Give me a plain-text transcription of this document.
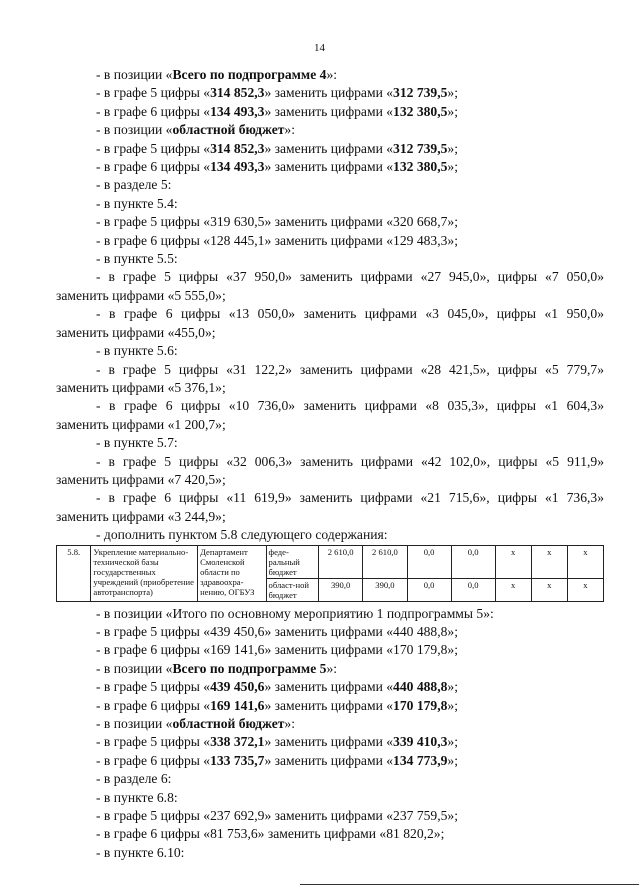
14
- в позиции «Всего по подпрограмме 4»:
- в графе 5 цифры «314 852,3» заменить цифрами «312 739,5»;
- в графе 6 цифры «134 493,3» заменить цифрами «132 380,5»;
- в позиции «областной бюджет»:
- в графе 5 цифры «314 852,3» заменить цифрами «312 739,5»;
- в графе 6 цифры «134 493,3» заменить цифрами «132 380,5»;
- в разделе 5:
- в пункте 5.4:
- в графе 5 цифры «319 630,5» заменить цифрами «320 668,7»;
- в графе 6 цифры «128 445,1» заменить цифрами «129 483,3»;
- в пункте 5.5:
- в графе 5 цифры «37 950,0» заменить цифрами «27 945,0», цифры «7 050,0»
заменить цифрами «5 555,0»;
- в графе 6 цифры «13 050,0» заменить цифрами «3 045,0», цифры «1 950,0»
заменить цифрами «455,0»;
- в пункте 5.6:
- в графе 5 цифры «31 122,2» заменить цифрами «28 421,5», цифры «5 779,7»
заменить цифрами «5 376,1»;
- в графе 6 цифры «10 736,0» заменить цифрами «8 035,3», цифры «1 604,3»
заменить цифрами «1 200,7»;
- в пункте 5.7:
- в графе 5 цифры «32 006,3» заменить цифрами «42 102,0», цифры «5 911,9»
заменить цифрами «7 420,5»;
- в графе 6 цифры «11 619,9» заменить цифрами «21 715,6», цифры «1 736,3»
заменить цифрами «3 244,9»;
- дополнить пунктом 5.8 следующего содержания:
5.8.	Укрепление материально-технической базы государственных учреждений (приобретение автотранспорта)	Департамент Смоленской области по здравоохра-нению, ОГБУЗ	феде-ральный бюджет	2 610,0	2 610,0	0,0	0,0	x	x	x
			област-ной бюджет	390,0	390,0	0,0	0,0	x	x	x
- в позиции «Итого по основному мероприятию 1 подпрограммы 5»:
- в графе 5 цифры «439 450,6» заменить цифрами «440 488,8»;
- в графе 6 цифры «169 141,6» заменить цифрами «170 179,8»;
- в позиции «Всего по подпрограмме 5»:
- в графе 5 цифры «439 450,6» заменить цифрами «440 488,8»;
- в графе 6 цифры «169 141,6» заменить цифрами «170 179,8»;
- в позиции «областной бюджет»:
- в графе 5 цифры «338 372,1» заменить цифрами «339 410,3»;
- в графе 6 цифры «133 735,7» заменить цифрами «134 773,9»;
- в разделе 6:
- в пункте 6.8:
- в графе 5 цифры «237 692,9» заменить цифрами «237 759,5»;
- в графе 6 цифры «81 753,6» заменить цифрами «81 820,2»;
- в пункте 6.10:
